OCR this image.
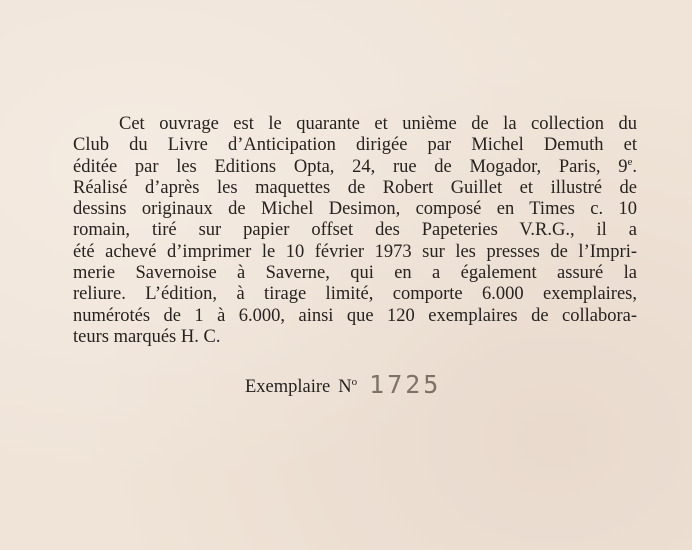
Cet ouvrage est le quarante et unième de la collection du
Club du Livre d’Anticipation dirigée par Michel Demuth et
éditée par les Editions Opta, 24, rue de Mogador, Paris, 9e.
Réalisé d’après les maquettes de Robert Guillet et illustré de
dessins originaux de Michel Desimon, composé en Times c. 10
romain, tiré sur papier offset des Papeteries V.R.G., il a
été achevé d’imprimer le 10 février 1973 sur les presses de l’Impri-
merie Savernoise à Saverne, qui en a également assuré la
reliure. L’édition, à tirage limité, comporte 6.000 exemplaires,
numérotés de 1 à 6.000, ainsi que 120 exemplaires de collabora-
teurs marqués H. C.
Exemplaire $N^o$ 1725
